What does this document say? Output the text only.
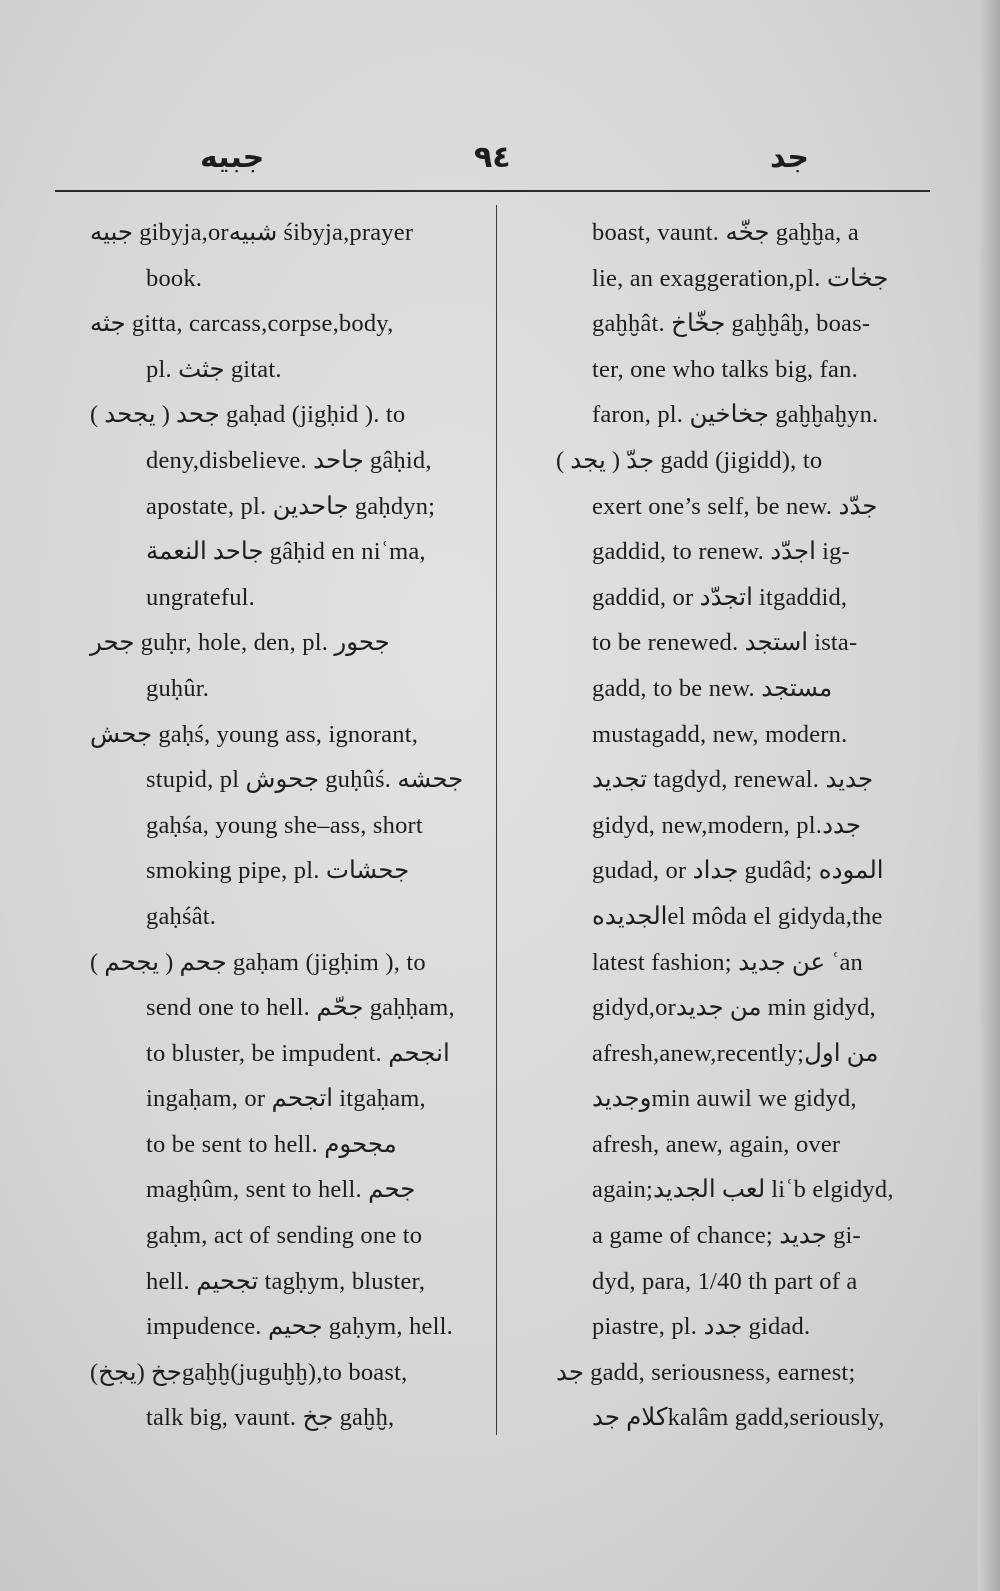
جبيه	٩٤	جد
جبيه gibyja,orشبيه śibyja,prayer
book.
جثه gitta, carcass,corpse,body,
pl. جثث gitat.
جحد ( يجحد ) gaḥad (jigḥid ). to
deny,disbelieve. جاحد gâḥid,
apostate, pl. جاحدين gaḥdyn;
جاحد النعمة gâḥid en niʿma,
ungrateful.
جحر guḥr, hole, den, pl. جحور
guḥûr.
جحش gaḥś, young ass, ignorant,
stupid, pl جحوش guḥûś. جحشه
gaḥśa, young she–ass, short
smoking pipe, pl. جحشات
gaḥśât.
جحم ( يجحم ) gaḥam (jigḥim ), to
send one to hell. جحّم gaḥḥam,
to bluster, be impudent. انجحم
ingaḥam, or اتجحم itgaḥam,
to be sent to hell. مجحوم
magḥûm, sent to hell. جحم
gaḥm, act of sending one to
hell. تجحيم tagḥym, bluster,
impudence. جحيم gaḥym, hell.
جخ (يجخ)gaḫḫ(juguḫḫ),to boast,
talk big, vaunt. جخ gaḫḫ,
boast, vaunt. جخّه gaḫḫa, a
lie, an exaggeration,pl. جخات
gaḫḫât. جخّاخ gaḫḫâḫ, boas-
ter, one who talks big, fan.
faron, pl. جخاخين gaḫḫaḫyn.
جدّ ( يجد ) gadd (jigidd), to
exert one’s self, be new. جدّد
gaddid, to renew. اجدّد ig-
gaddid, or اتجدّد itgaddid,
to be renewed. استجد ista-
gadd, to be new. مستجد
mustagadd, new, modern.
تجديد tagdyd, renewal. جديد
gidyd, new,modern, pl.جدد
gudad, or جداد gudâd; الموده
الجديدهel môda el gidyda,the
latest fashion; عن جديد ʿan
gidyd,orمن جديد min gidyd,
afresh,anew,recently;من اول
وجديدmin auwil we gidyd,
afresh, anew, again, over
again;لعب الجديد liʿb elgidyd,
a game of chance; جديد gi-
dyd, para, 1/40 th part of a
piastre, pl. جدد gidad.
جد gadd, seriousness, earnest;
كلام جدkalâm gadd,seriously,
